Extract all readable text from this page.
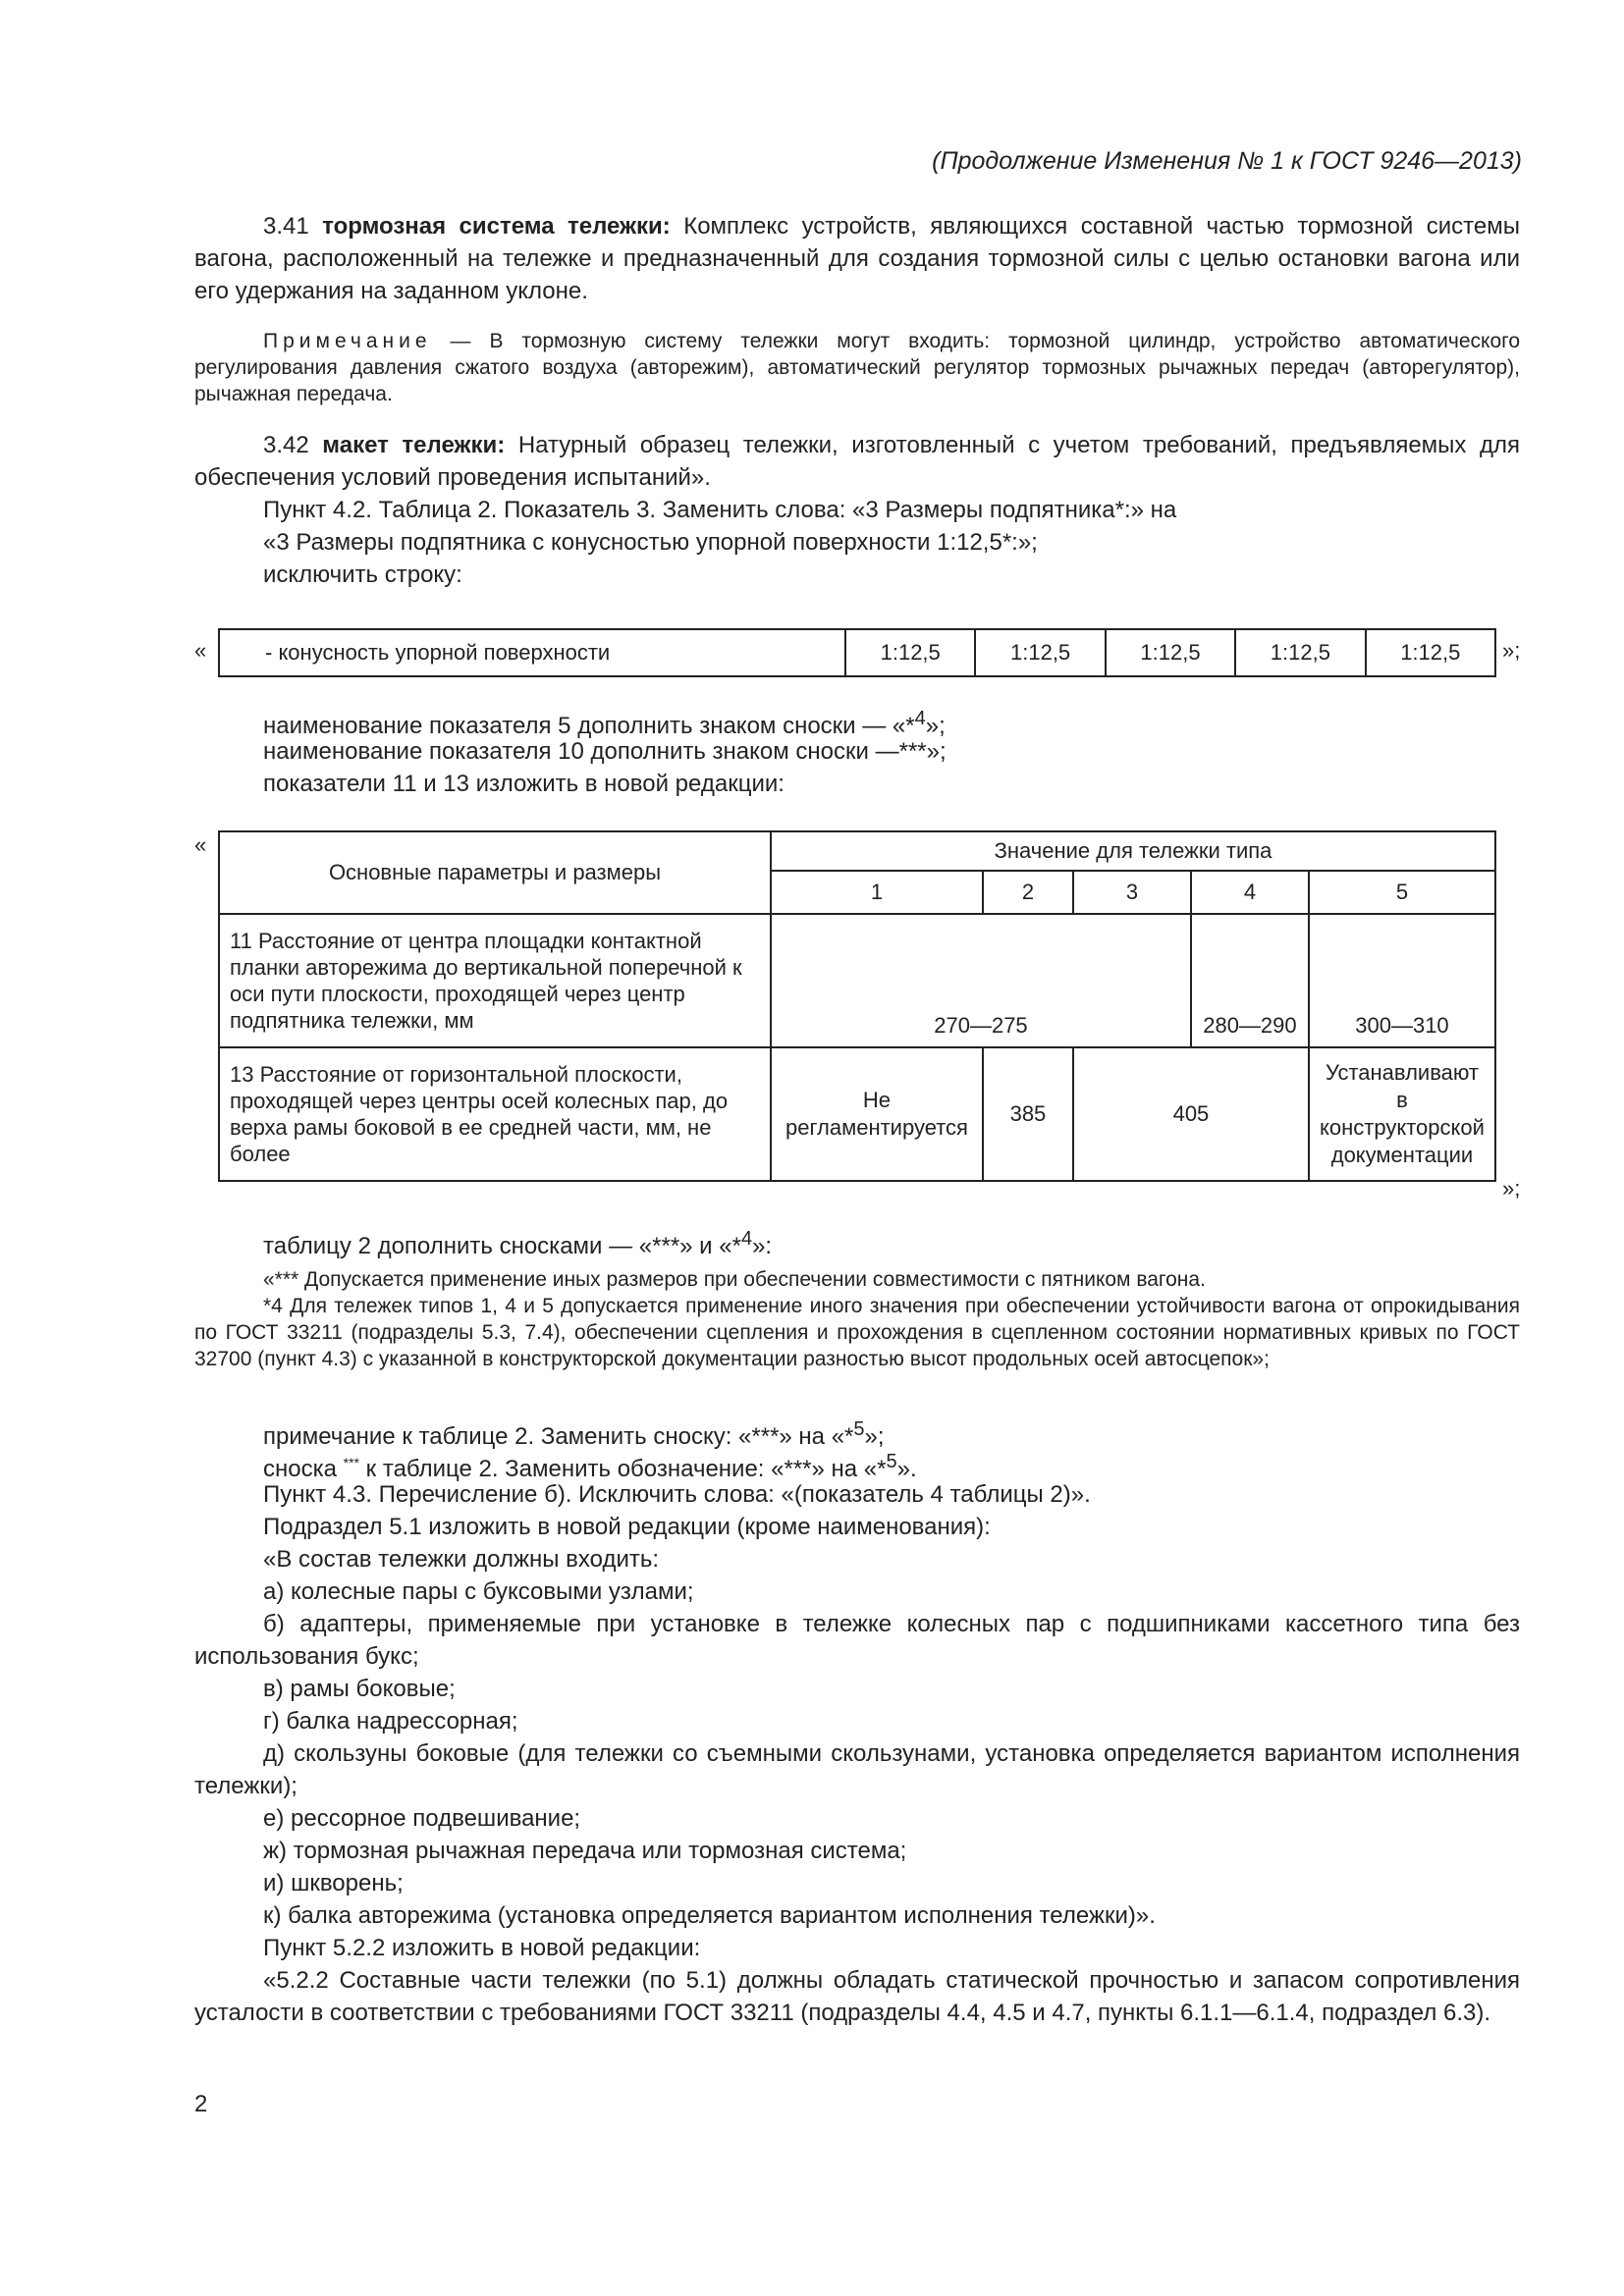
(Продолжение Изменения № 1 к ГОСТ 9246—2013)
3.41 тормозная система тележки: Комплекс устройств, являющихся составной частью тормозной системы вагона, расположенный на тележке и предназначенный для создания тормозной силы с целью остановки вагона или его удержания на заданном уклоне.
Примечание — В тормозную систему тележки могут входить: тормозной цилиндр, устройство автоматического регулирования давления сжатого воздуха (авторежим), автоматический регулятор тормозных рычажных передач (авторегулятор), рычажная передача.
3.42 макет тележки: Натурный образец тележки, изготовленный с учетом требований, предъявляемых для обеспечения условий проведения испытаний».
Пункт 4.2. Таблица 2. Показатель 3. Заменить слова: «3 Размеры подпятника*:» на
«3 Размеры подпятника с конусностью упорной поверхности 1:12,5*:»;
исключить строку:
«	- конусность упорной поверхности	1:12,5	1:12,5	1:12,5	1:12,5	1:12,5 »;
наименование показателя 5 дополнить знаком сноски — «*$^4$»;
наименование показателя 10 дополнить знаком сноски —***»;
показатели 11 и 13 изложить в новой редакции:
«
Основные параметры и размеры	Значение для тележки типа				
	1	2	3	4	5
11 Расстояние от центра площадки контактной планки авторежима до вертикальной поперечной к оси пути плоскости, проходящей через центр подпятника тележки, мм	270—275			280—290	300—310
13 Расстояние от горизонтальной плоскости, проходящей через центры осей колесных пар, до верха рамы боковой в ее средней части, мм, не более	Не регламентируется	385	405		Устанавливают в конструкторской документации
»;
таблицу 2 дополнить сносками — «***» и «*$^4$»:
«*** Допускается применение иных размеров при обеспечении совместимости с пятником вагона.
*4 Для тележек типов 1, 4 и 5 допускается применение иного значения при обеспечении устойчивости вагона от опрокидывания по ГОСТ 33211 (подразделы 5.3, 7.4), обеспечении сцепления и прохождения в сцепленном состоянии нормативных кривых по ГОСТ 32700 (пункт 4.3) с указанной в конструкторской документации разностью высот продольных осей автосцепок»;
примечание к таблице 2. Заменить сноску: «***» на «*$^5$»;
сноска *** к таблице 2. Заменить обозначение: «***» на «*$^5$».
Пункт 4.3. Перечисление б). Исключить слова: «(показатель 4 таблицы 2)».
Подраздел 5.1 изложить в новой редакции (кроме наименования):
«В состав тележки должны входить:
а) колесные пары с буксовыми узлами;
б) адаптеры, применяемые при установке в тележке колесных пар с подшипниками кассетного типа без использования букс;
в) рамы боковые;
г) балка надрессорная;
д) скользуны боковые (для тележки со съемными скользунами, установка определяется вариантом исполнения тележки);
е) рессорное подвешивание;
ж) тормозная рычажная передача или тормозная система;
и) шкворень;
к) балка авторежима (установка определяется вариантом исполнения тележки)».
Пункт 5.2.2 изложить в новой редакции:
«5.2.2 Составные части тележки (по 5.1) должны обладать статической прочностью и запасом сопротивления усталости в соответствии с требованиями ГОСТ 33211 (подразделы 4.4, 4.5 и 4.7, пункты 6.1.1—6.1.4, подраздел 6.3).
2
